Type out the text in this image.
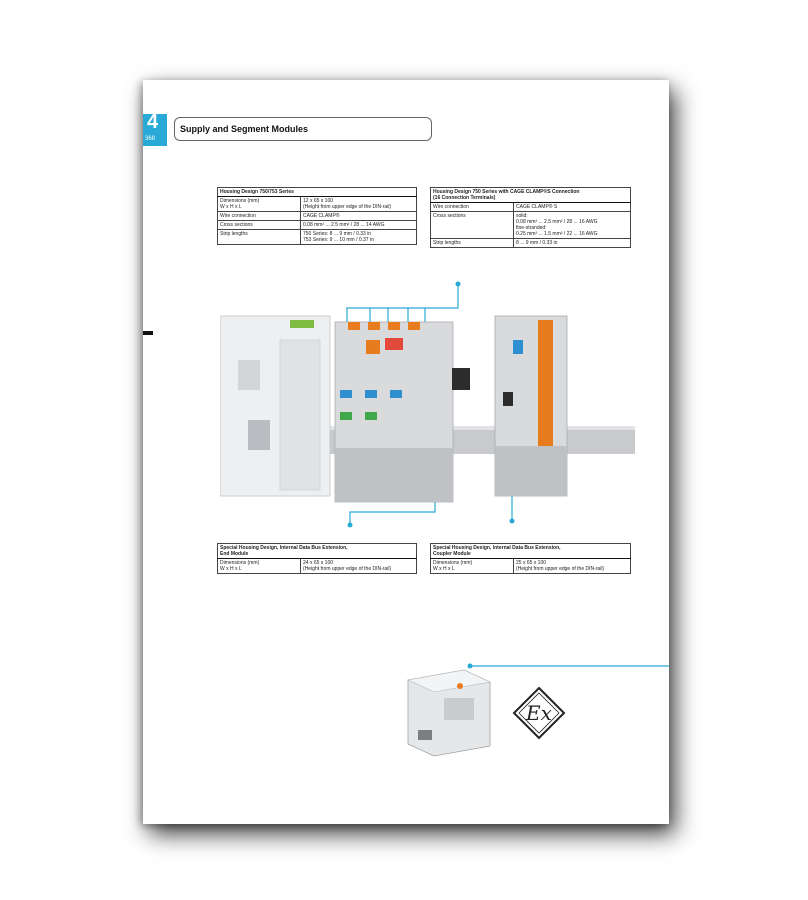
4
368
Supply and Segment Modules
Housing Design 750/753 Series	
Dimensions (mm)
W x H x L	12 x 65 x 100
(Height from upper edge of the DIN-rail)
Wire connection	CAGE CLAMP®
Cross sections	0.08 mm² ... 2.5 mm² / 28 ... 14 AWG
Strip lengths	750 Series: 8 ... 9 mm / 0.33 in
753 Series: 9 ... 10 mm / 0.37 in
Housing Design 750 Series with CAGE CLAMP®S Connection
(16 Connection Terminals)	
Wire connection	CAGE CLAMP® S
Cross sections	solid:
0.08 mm² ... 2.5 mm² / 28 ... 16 AWG
fine-stranded:
0.25 mm² ... 1.5 mm² / 22 ... 16 AWG
Strip lengths	8 ... 9 mm / 0.33 in
Special Housing Design, Internal Data Bus Extension,
End Module
Dimensions (mm)
W x H x L	24 x 65 x 100
(Height from upper edge of the DIN-rail)
Special Housing Design, Internal Data Bus Extension,
Coupler Module
Dimensions (mm)
W x H x L	25 x 65 x 100
(Height from upper edge of the DIN-rail)
Ex
